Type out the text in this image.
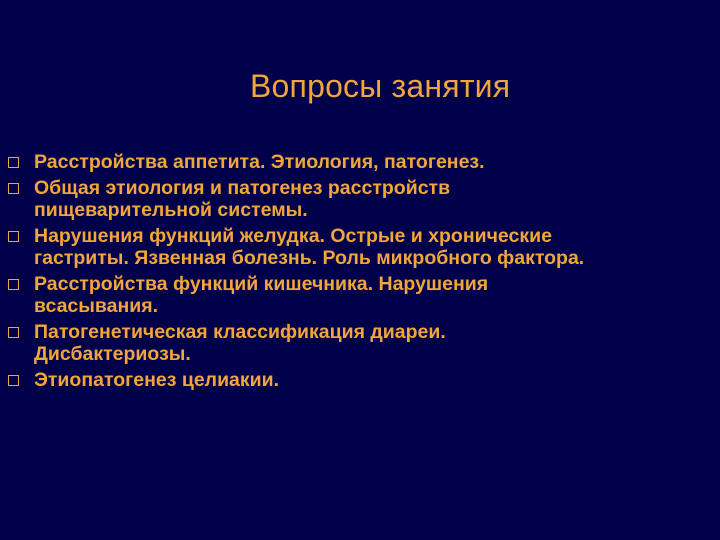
Вопросы занятия
Расстройства аппетита. Этиология, патогенез.
Общая этиология и патогенез расстройств
пищеварительной системы.
Нарушения функций желудка. Острые и хронические
гастриты. Язвенная болезнь. Роль микробного фактора.
Расстройства функций кишечника. Нарушения
всасывания.
Патогенетическая классификация диареи.
Дисбактериозы.
Этиопатогенез целиакии.
